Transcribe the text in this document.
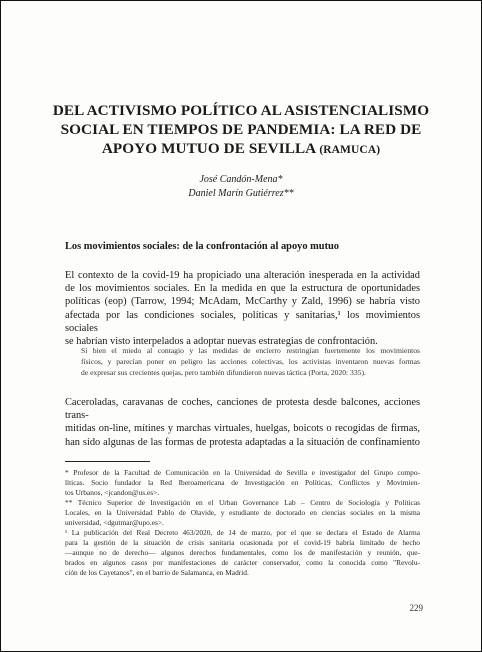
DEL ACTIVISMO POLÍTICO AL ASISTENCIALISMO
SOCIAL EN TIEMPOS DE PANDEMIA: LA RED DE
APOYO MUTUO DE SEVILLA (RAMUCA)
José Candón-Mena*
Daniel Marín Gutiérrez**
Los movimientos sociales: de la confrontación al apoyo mutuo
El contexto de la covid-19 ha propiciado una alteración inesperada en la actividad
de los movimientos sociales. En la medida en que la estructura de oportunidades
políticas (eop) (Tarrow, 1994; McAdam, McCarthy y Zald, 1996) se habría visto
afectada por las condiciones sociales, políticas y sanitarias,¹ los movimientos sociales
se habrían visto interpelados a adoptar nuevas estrategias de confrontación.
Si bien el miedo al contagio y las medidas de encierro restringían fuertemente los movimientos
físicos, y parecían poner en peligro las acciones colectivas, los activistas inventaron nuevas formas
de expresar sus crecientes quejas, pero también difundieron nuevas táctica (Porta, 2020: 335).
Caceroladas, caravanas de coches, canciones de protesta desde balcones, acciones trans-
mitidas on-line, mítines y marchas virtuales, huelgas, boicots o recogidas de firmas,
han sido algunas de las formas de protesta adaptadas a la situación de confinamiento
* Profesor de la Facultad de Comunicación en la Universidad de Sevilla e investigador del Grupo compo-
líticas. Socio fundador la Red Iberoamericana de Investigación en Políticas, Conflictos y Movimien-
tos Urbanos, <jcandon@us.es>.
** Técnico Superior de Investigación en el Urban Governance Lab – Centro de Sociología y Políticas
Locales, en la Universidad Pablo de Olavide, y estudiante de doctorado en ciencias sociales en la misma
universidad, <dgutmar@upo.es>.
¹ La publicación del Real Decreto 463/2020, de 14 de marzo, por el que se declara el Estado de Alarma
para la gestión de la situación de crisis sanitaria ocasionada por el covid-19 habría limitado de hecho
—aunque no de derecho— algunos derechos fundamentales, como los de manifestación y reunión, que-
brados en algunos casos por manifestaciones de carácter conservador, como la conocida como "Revolu-
ción de los Cayetanos", en el barrio de Salamanca, en Madrid.
229
